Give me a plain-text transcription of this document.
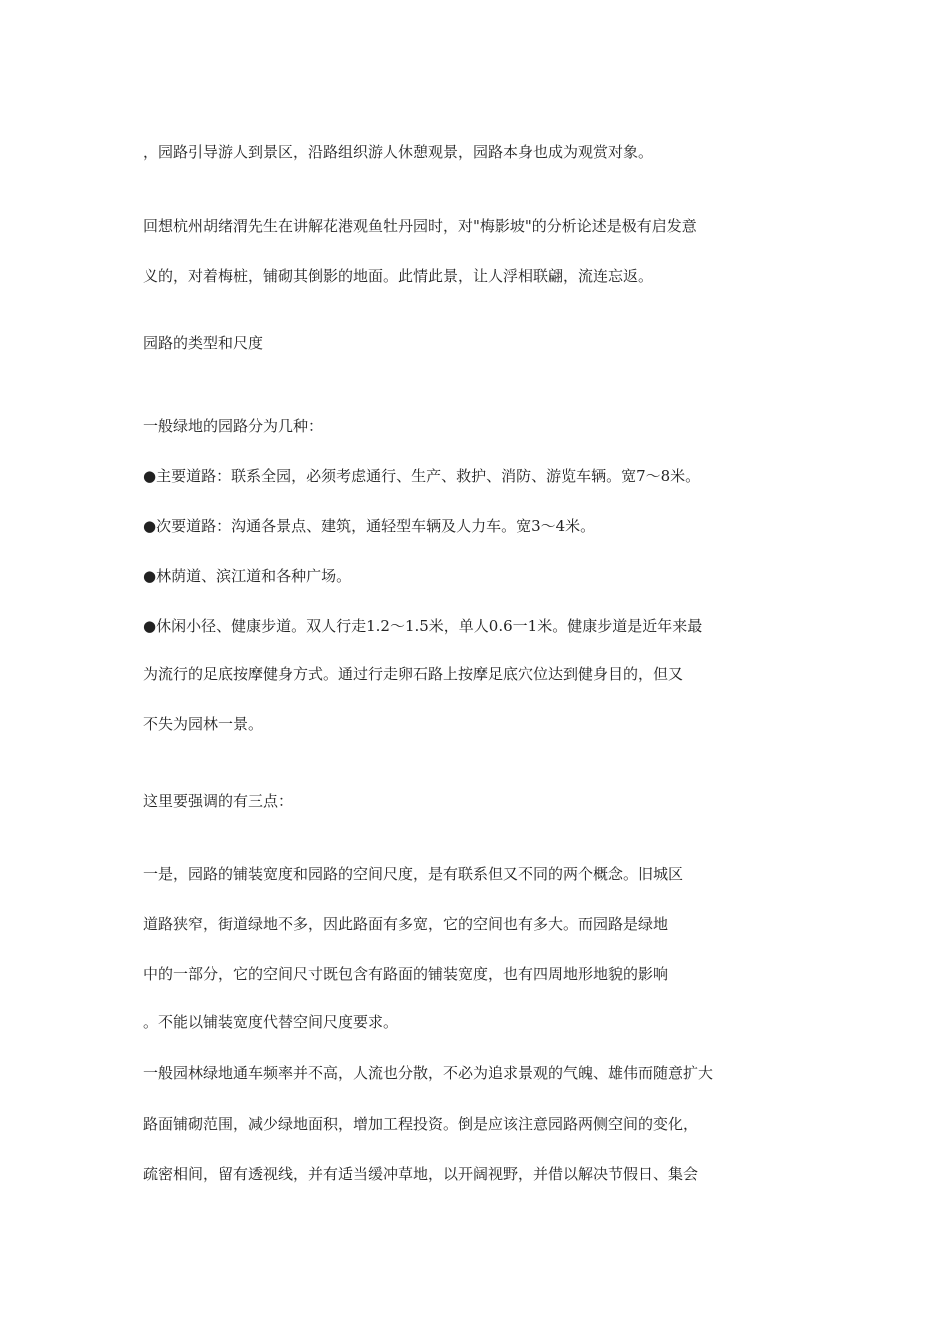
，园路引导游人到景区，沿路组织游人休憩观景，园路本身也成为观赏对象。
回想杭州胡绪渭先生在讲解花港观鱼牡丹园时，对"梅影坡"的分析论述是极有启发意
义的，对着梅桩，铺砌其倒影的地面。此情此景，让人浮相联翩，流连忘返。
园路的类型和尺度
一般绿地的园路分为几种：
●主要道路：联系全园，必须考虑通行、生产、救护、消防、游览车辆。宽7～8米。
●次要道路：沟通各景点、建筑，通轻型车辆及人力车。宽3～4米。
●林荫道、滨江道和各种广场。
●休闲小径、健康步道。双人行走1.2～1.5米，单人0.6一1米。健康步道是近年来最
为流行的足底按摩健身方式。通过行走卵石路上按摩足底穴位达到健身目的，但又
不失为园林一景。
这里要强调的有三点：
一是，园路的铺装宽度和园路的空间尺度，是有联系但又不同的两个概念。旧城区
道路狭窄，街道绿地不多，因此路面有多宽，它的空间也有多大。而园路是绿地
中的一部分，它的空间尺寸既包含有路面的铺装宽度，也有四周地形地貌的影响
。不能以铺装宽度代替空间尺度要求。
一般园林绿地通车频率并不高，人流也分散，不必为追求景观的气魄、雄伟而随意扩大
路面铺砌范围，减少绿地面积，增加工程投资。倒是应该注意园路两侧空间的变化，
疏密相间，留有透视线，并有适当缓冲草地，以开阔视野，并借以解决节假日、集会
